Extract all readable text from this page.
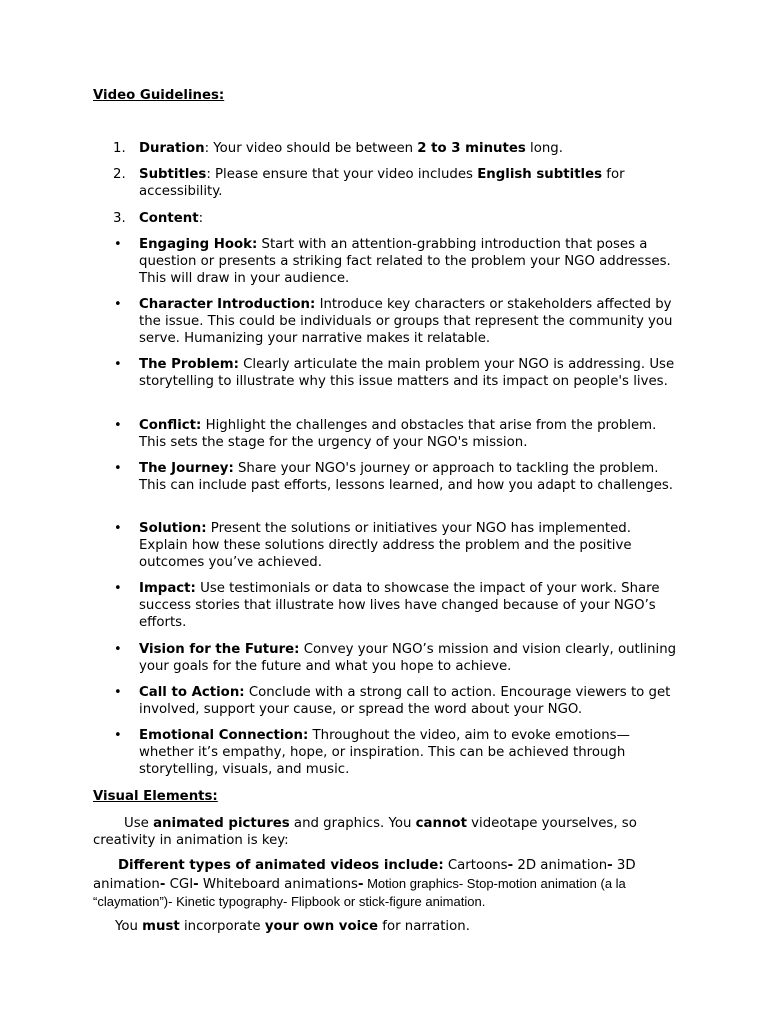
Video Guidelines:
1.	Duration: Your video should be between 2 to 3 minutes long.
2.	Subtitles: Please ensure that your video includes English subtitles for accessibility.
3.	Content:
• Engaging Hook: Start with an attention-grabbing introduction that poses a question or presents a striking fact related to the problem your NGO addresses. This will draw in your audience.
• Character Introduction: Introduce key characters or stakeholders affected by the issue. This could be individuals or groups that represent the community you serve. Humanizing your narrative makes it relatable.
• The Problem: Clearly articulate the main problem your NGO is addressing. Use storytelling to illustrate why this issue matters and its impact on people's lives.
• Conflict: Highlight the challenges and obstacles that arise from the problem. This sets the stage for the urgency of your NGO's mission.
• The Journey: Share your NGO's journey or approach to tackling the problem. This can include past efforts, lessons learned, and how you adapt to challenges.
• Solution: Present the solutions or initiatives your NGO has implemented. Explain how these solutions directly address the problem and the positive outcomes you’ve achieved.
• Impact: Use testimonials or data to showcase the impact of your work. Share success stories that illustrate how lives have changed because of your NGO’s efforts.
• Vision for the Future: Convey your NGO’s mission and vision clearly, outlining your goals for the future and what you hope to achieve.
• Call to Action: Conclude with a strong call to action. Encourage viewers to get involved, support your cause, or spread the word about your NGO.
• Emotional Connection: Throughout the video, aim to evoke emotions—whether it’s empathy, hope, or inspiration. This can be achieved through storytelling, visuals, and music.
Visual Elements:
Use animated pictures and graphics. You cannot videotape yourselves, so creativity in animation is key:
Different types of animated videos include: Cartoons- 2D animation- 3D animation- CGI- Whiteboard animations- Motion graphics- Stop-motion animation (a la “claymation”)- Kinetic typography- Flipbook or stick-figure animation.
You must incorporate your own voice for narration.
